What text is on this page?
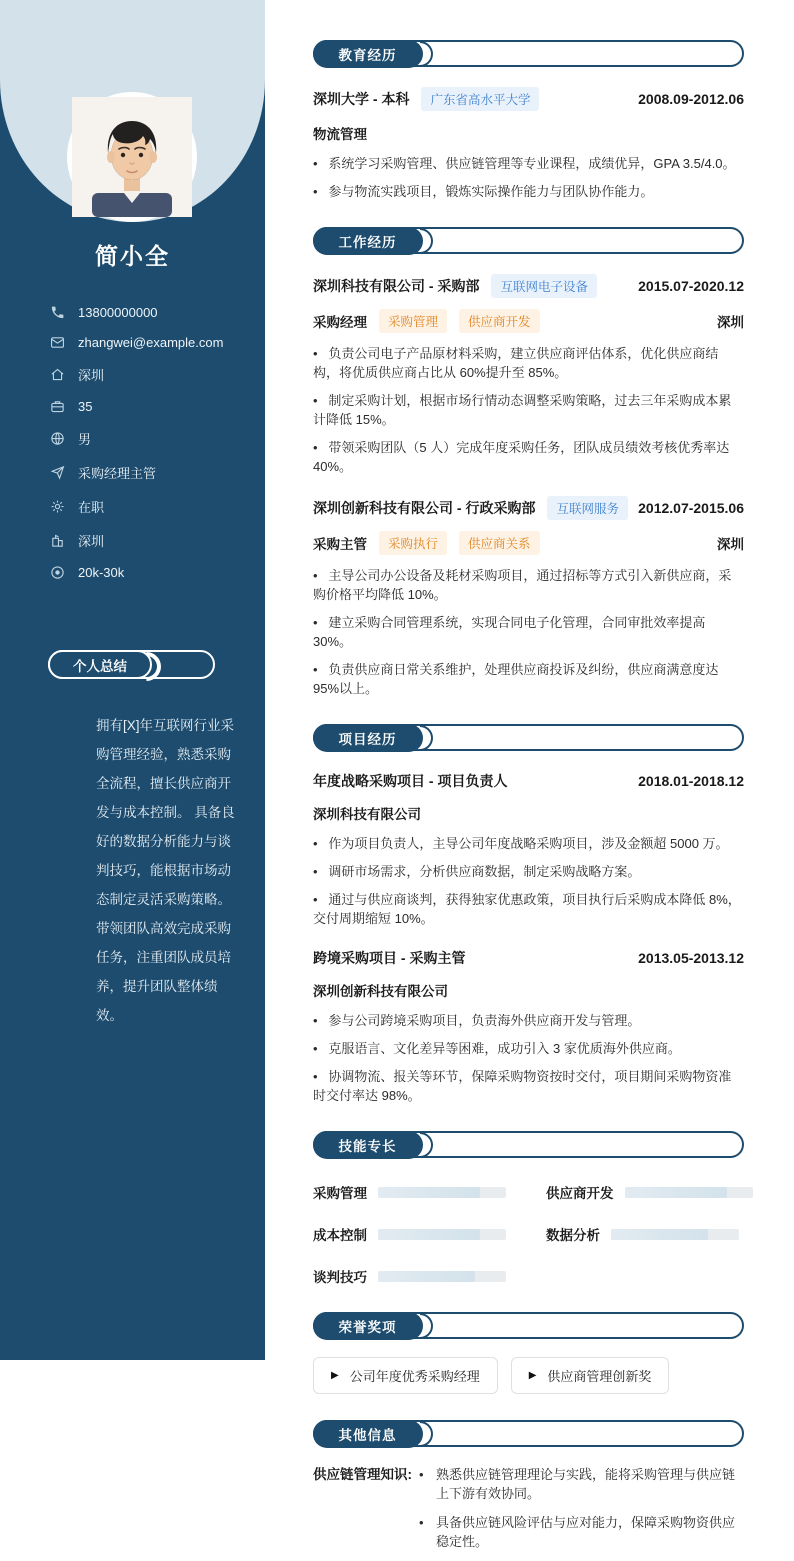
简小全
13800000000
zhangwei@example.com
深圳
35
男
采购经理主管
在职
深圳
20k-30k
个人总结

拥有[X]年互联网行业采购管理经验，熟悉采购全流程，擅长供应商开发与成本控制。 具备良好的数据分析能力与谈判技巧，能根据市场动态制定灵活采购策略。 带领团队高效完成采购任务，注重团队成员培养，提升团队整体绩效。

教育经历
深圳大学 - 本科	广东省高水平大学	2008.09-2012.06
物流管理

•   系统学习采购管理、供应链管理等专业课程，成绩优异，GPA 3.5/4.0。

•   参与物流实践项目，锻炼实际操作能力与团队协作能力。

工作经历
深圳科技有限公司 - 采购部	互联网电子设备	2015.07-2020.12
采购经理	采购管理	供应商开发	深圳

•   负责公司电子产品原材料采购，建立供应商评估体系，优化供应商结构，将优质供应商占比从 60%提升至 85%。

•   制定采购计划，根据市场行情动态调整采购策略，过去三年采购成本累计降低 15%。

•   带领采购团队（5 人）完成年度采购任务，团队成员绩效考核优秀率达 40%。

深圳创新科技有限公司 - 行政采购部	互联网服务	2012.07-2015.06
采购主管	采购执行	供应商关系	深圳

•   主导公司办公设备及耗材采购项目，通过招标等方式引入新供应商，采购价格平均降低 10%。

•   建立采购合同管理系统，实现合同电子化管理，合同审批效率提高 30%。

•   负责供应商日常关系维护，处理供应商投诉及纠纷，供应商满意度达 95%以上。

项目经历
年度战略采购项目 - 项目负责人	2018.01-2018.12
深圳科技有限公司

•   作为项目负责人，主导公司年度战略采购项目，涉及金额超 5000 万。

•   调研市场需求，分析供应商数据，制定采购战略方案。

•   通过与供应商谈判，获得独家优惠政策，项目执行后采购成本降低 8%，交付周期缩短 10%。

跨境采购项目 - 采购主管	2013.05-2013.12
深圳创新科技有限公司

•   参与公司跨境采购项目，负责海外供应商开发与管理。

•   克服语言、文化差异等困难，成功引入 3 家优质海外供应商。

•   协调物流、报关等环节，保障采购物资按时交付，项目期间采购物资准时交付率达 98%。

技能专长
采购管理	供应商开发
成本控制	数据分析
谈判技巧
荣誉奖项
▶ 公司年度优秀采购经理	▶ 供应商管理创新奖
其他信息
供应链管理知识:	• 熟悉供应链管理理论与实践，能将采购管理与供应链上下游有效协同。

• 具备供应链风险评估与应对能力，保障采购物资供应稳定性。
